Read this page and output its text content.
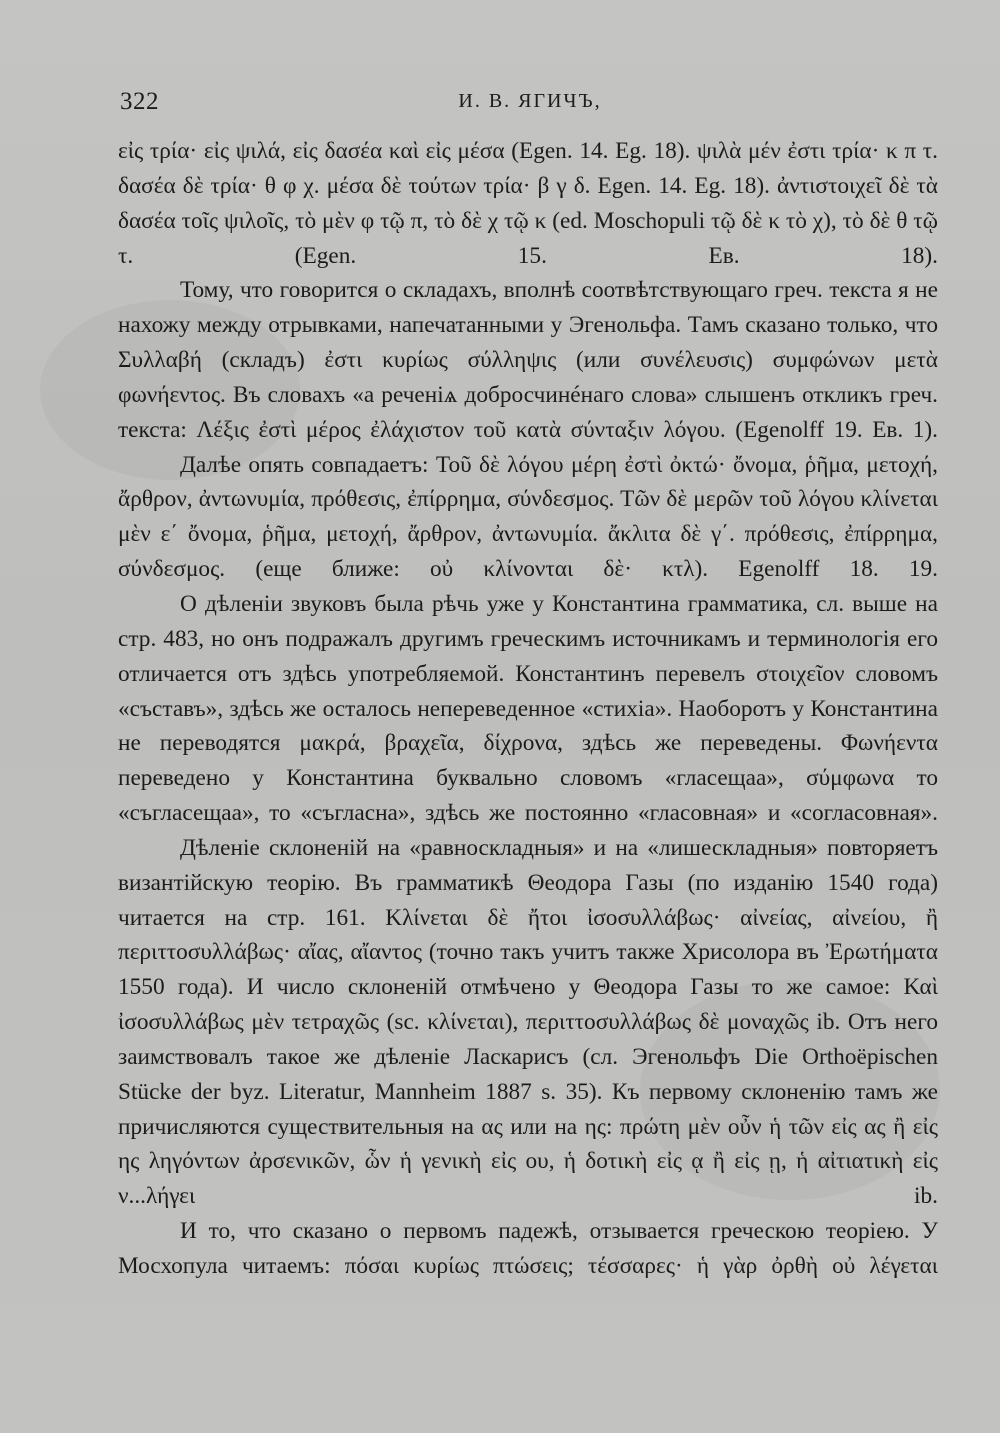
322	И. В. ЯГИЧЪ,

εἰς τρία· εἰς ψιλά, εἰς δασέα καὶ εἰς μέσα (Egen. 14. Eg. 18). ψιλὰ μέν ἐστι τρία· κ π τ. δασέα δὲ τρία· θ φ χ. μέσα δὲ τούτων τρία· β γ δ. Egen. 14. Eg. 18). ἀντιστοιχεῖ δὲ τὰ δασέα τοῖς ψιλοῖς, τὸ μὲν φ τῷ π, τὸ δὲ χ τῷ κ (ed. Moschopuli τῷ δὲ κ τὸ χ), τὸ δὲ θ τῷ τ. (Egen. 15. Eв. 18).

Тому, что говорится о складахъ, вполнѣ соотвѣтствующаго греч. текста я не нахожу между отрывками, напечатанными у Эгенольфа. Тамъ сказано только, что Συλλαβή (складъ) ἐστι κυρίως σύλληψις (или συνέλευσις) συμφώνων μετὰ φωνήεντος. Въ словахъ «а реченіѧ добросчинéнаго слова» слышенъ откликъ греч. текста: Λέξις ἐστὶ μέρος ἐλάχιστον τοῦ κατὰ σύνταξιν λόγου. (Egenolff 19. Eв. 1).

Далѣе опять совпадаетъ: Τοῦ δὲ λόγου μέρη ἐστὶ ὀκτώ· ὄνομα, ῥῆμα, μετοχή, ἄρθρον, ἀντωνυμία, πρόθεσις, ἐπίρρημα, σύνδεσμος. Τῶν δὲ μερῶν τοῦ λόγου κλίνεται μὲν ε΄ ὄνομα, ῥῆμα, μετοχή, ἄρθρον, ἀντωνυμία. ἄκλιτα δὲ γ΄. πρόθεσις, ἐπίρρημα, σύνδεσμος. (еще ближе: οὐ κλίνονται δὲ· κτλ). Egenolff 18. 19.

О дѣленіи звуковъ была рѣчь уже у Константина грамматика, сл. выше на стр. 483, но онъ подражалъ другимъ греческимъ источникамъ и терминологія его отличается отъ здѣсь употребляемой. Константинъ перевелъ στοιχεῖον словомъ «съставъ», здѣсь же осталось непереведенное «стихіа». Наоборотъ у Константина не переводятся μακρά, βραχεῖα, δίχρονα, здѣсь же переведены. Φωνήεντα переведено у Константина буквально словомъ «гласещаа», σύμφωνα то «съгласещаа», то «съгласна», здѣсь же постоянно «гласовная» и «согласовная».

Дѣленіе склоненій на «равноскладныя» и на «лишескладныя» повторяетъ византійскую теорію. Въ грамматикѣ Θеодора Газы (по изданію 1540 года) читается на стр. 161. Κλίνεται δὲ ἤτοι ἰσοσυλλάβως· αἰνείας, αἰνείου, ἢ περιττοσυλλάβως· αἴας, αἴαντος (точно такъ учитъ также Хрисолора въ Ἐρωτήματα 1550 года). И число склоненій отмѣчено у Θеодора Газы то же самое: Καὶ ἰσοσυλλάβως μὲν τετραχῶς (sc. κλίνεται), περιττοσυλλάβως δὲ μοναχῶς ib. Отъ него заимствовалъ такое же дѣленіе Ласкарисъ (сл. Эгенольфъ Die Orthoëpischen Stücke der byz. Literatur, Mannheim 1887 s. 35). Къ первому склоненію тамъ же причисляются существительныя на ας или на ης: πρώτη μὲν οὖν ἡ τῶν εἰς ας ἢ εἰς ης ληγόντων ἀρσενικῶν, ὧν ἡ γενικὴ εἰς ου, ἡ δοτικὴ εἰς ᾳ ἢ εἰς ῃ, ἡ αἰτιατικὴ εἰς ν...λήγει ib.

И то, что сказано о первомъ падежѣ, отзывается греческою теоріею. У Мосхопула читаемъ: πόσαι κυρίως πτώσεις; τέσσαρες· ἡ γὰρ ὀρθὴ οὐ λέγεται
